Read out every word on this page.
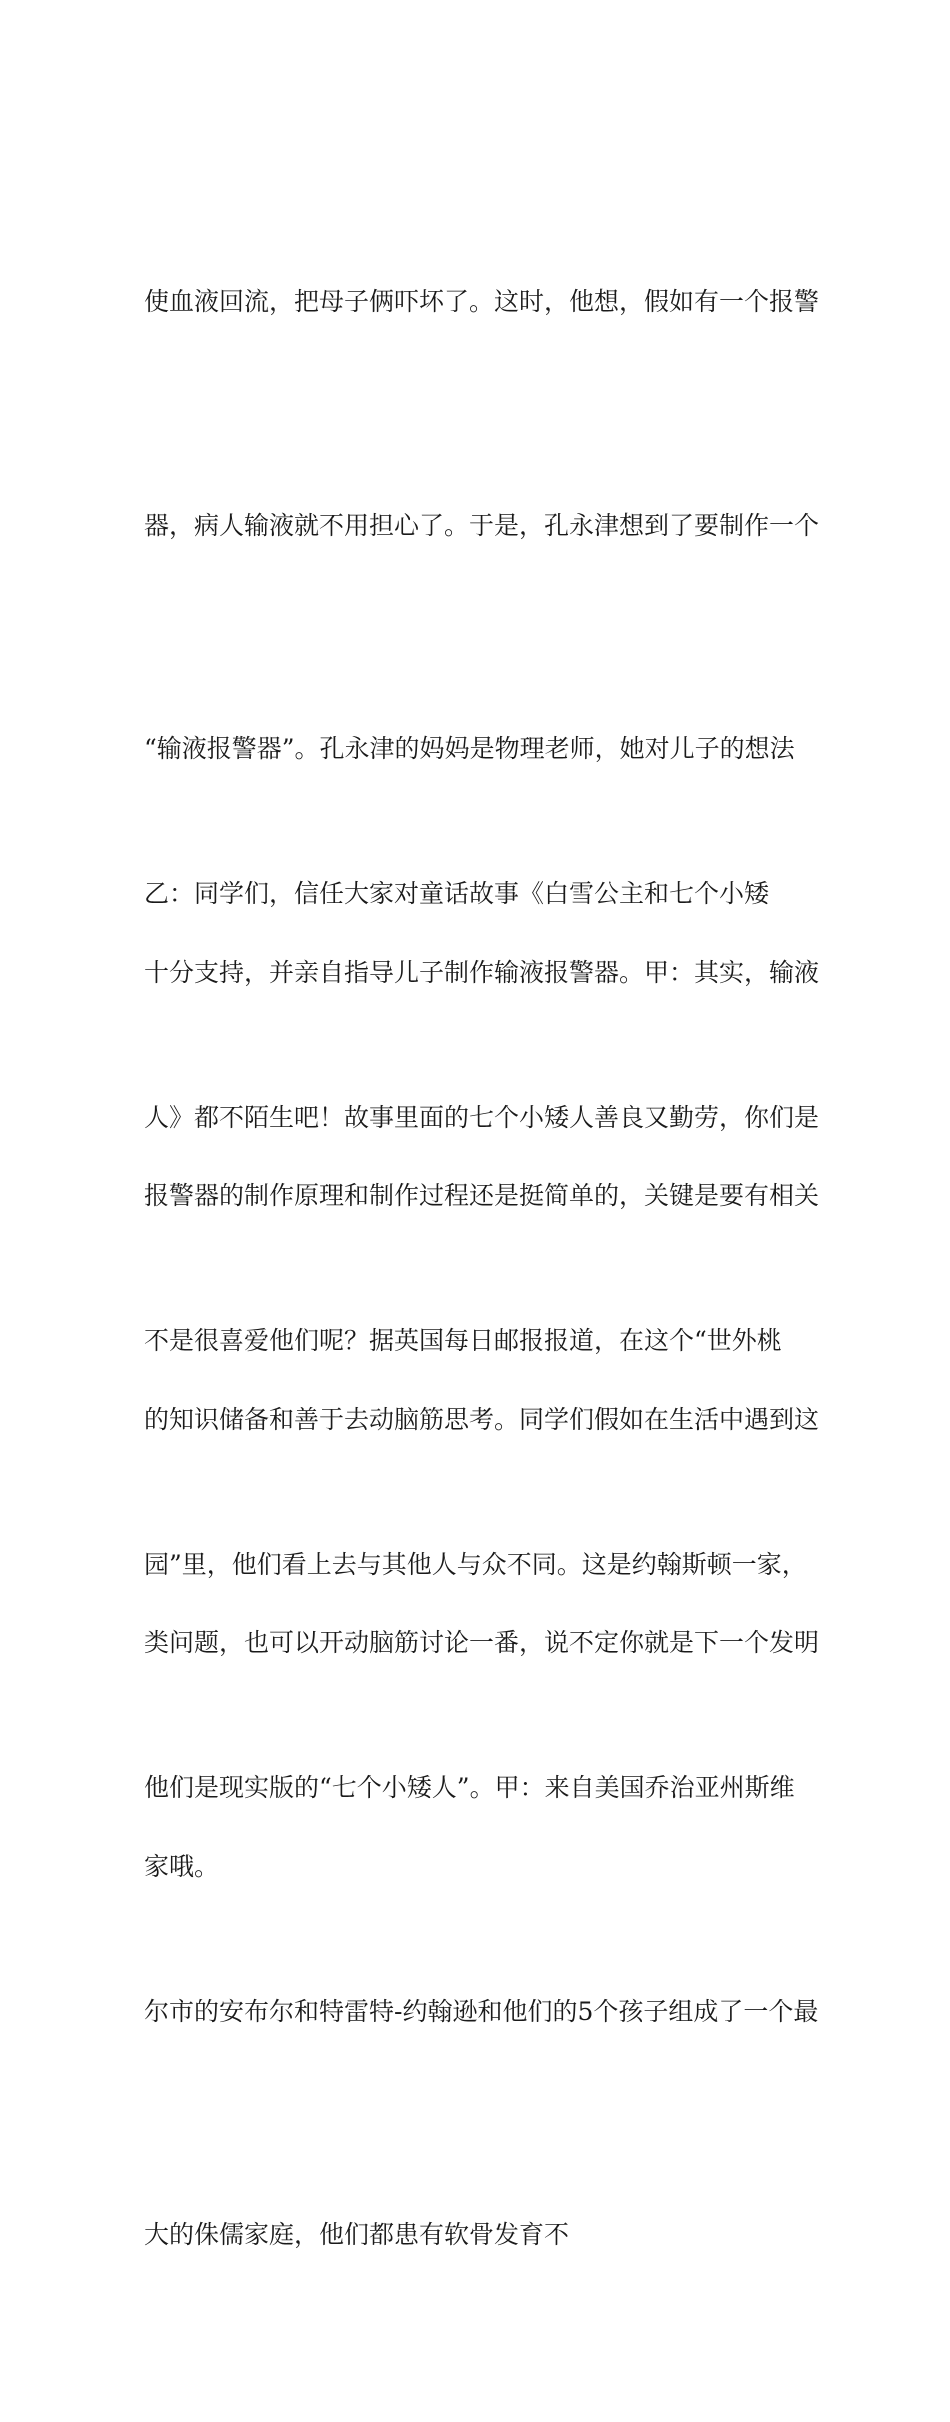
使血液回流，把母子俩吓坏了。这时，他想，假如有一个报警

器，病人输液就不用担心了。于是，孔永津想到了要制作一个

“输液报警器”。孔永津的妈妈是物理老师，她对儿子的想法

十分支持，并亲自指导儿子制作输液报警器。甲：其实，输液

报警器的制作原理和制作过程还是挺简单的，关键是要有相关

的知识储备和善于去动脑筋思考。同学们假如在生活中遇到这

类问题，也可以开动脑筋讨论一番，说不定你就是下一个发明

家哦。

乙：同学们，信任大家对童话故事《白雪公主和七个小矮

人》都不陌生吧！故事里面的七个小矮人善良又勤劳，你们是

不是很喜爱他们呢？据英国每日邮报报道，在这个“世外桃

园”里，他们看上去与其他人与众不同。这是约翰斯顿一家，

他们是现实版的“七个小矮人”。甲：来自美国乔治亚州斯维

尔市的安布尔和特雷特-约翰逊和他们的5个孩子组成了一个最

大的侏儒家庭，他们都患有软骨发育不
